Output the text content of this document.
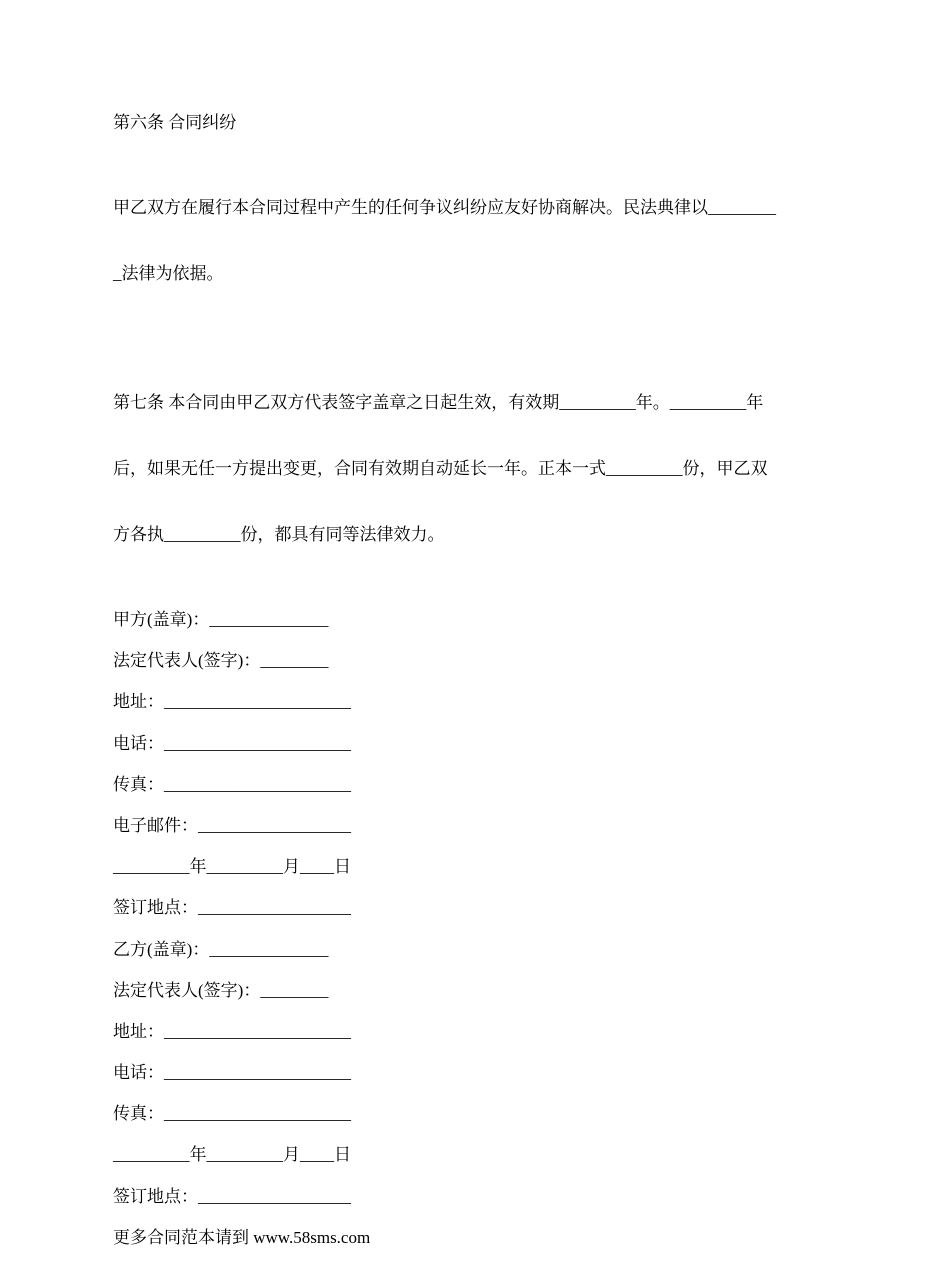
第六条 合同纠纷

甲乙双方在履行本合同过程中产生的任何争议纠纷应友好协商解决。民法典律以________

_法律为依据。

第七条 本合同由甲乙双方代表签字盖章之日起生效，有效期_________年。_________年

后，如果无任一方提出变更，合同有效期自动延长一年。正本一式_________份，甲乙双

方各执_________份，都具有同等法律效力。

甲方(盖章)：______________

法定代表人(签字)：________

地址：______________________

电话：______________________

传真：______________________

电子邮件：__________________

_________年_________月____日

签订地点：__________________

乙方(盖章)：______________

法定代表人(签字)：________

地址：______________________

电话：______________________

传真：______________________

_________年_________月____日

签订地点：__________________

更多合同范本请到 www.58sms.com
